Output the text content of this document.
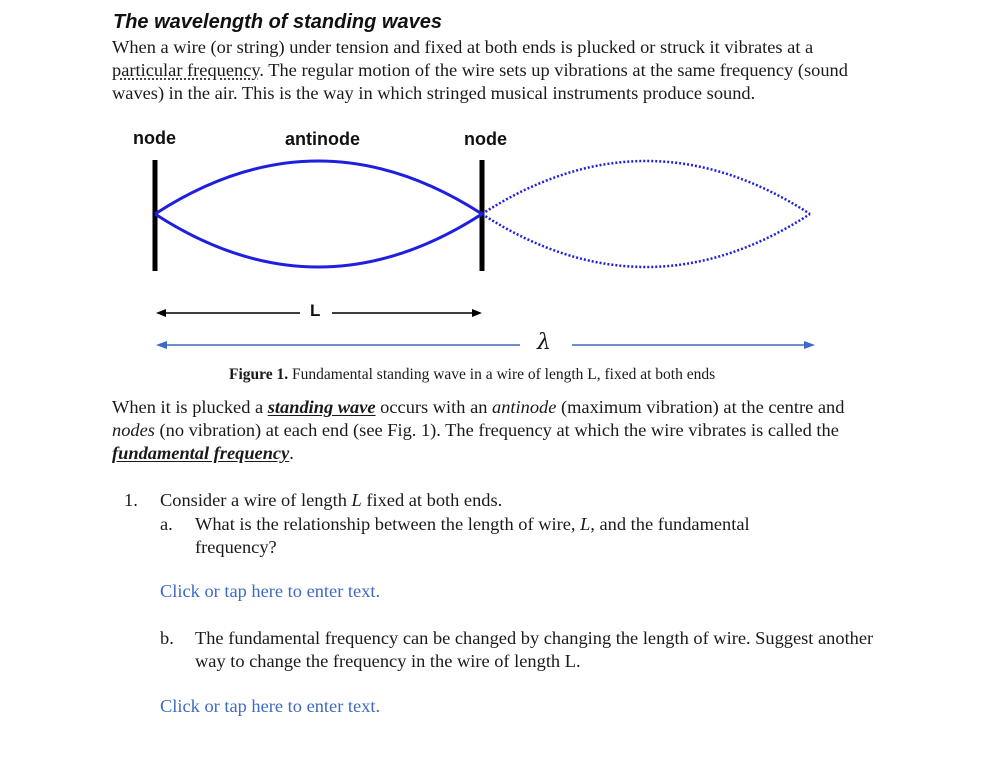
The wavelength of standing waves
When a wire (or string) under tension and fixed at both ends is plucked or struck it vibrates at a particular frequency. The regular motion of the wire sets up vibrations at the same frequency (sound waves) in the air. This is the way in which stringed musical instruments produce sound.
node	antinode	node
L
λ
Figure 1. Fundamental standing wave in a wire of length L, fixed at both ends
When it is plucked a standing wave occurs with an antinode (maximum vibration) at the centre and nodes (no vibration) at each end (see Fig. 1). The frequency at which the wire vibrates is called the fundamental frequency.
1. Consider a wire of length L fixed at both ends.
a. What is the relationship between the length of wire, L, and the fundamental frequency?
Click or tap here to enter text.
b. The fundamental frequency can be changed by changing the length of wire. Suggest another way to change the frequency in the wire of length L.
Click or tap here to enter text.
